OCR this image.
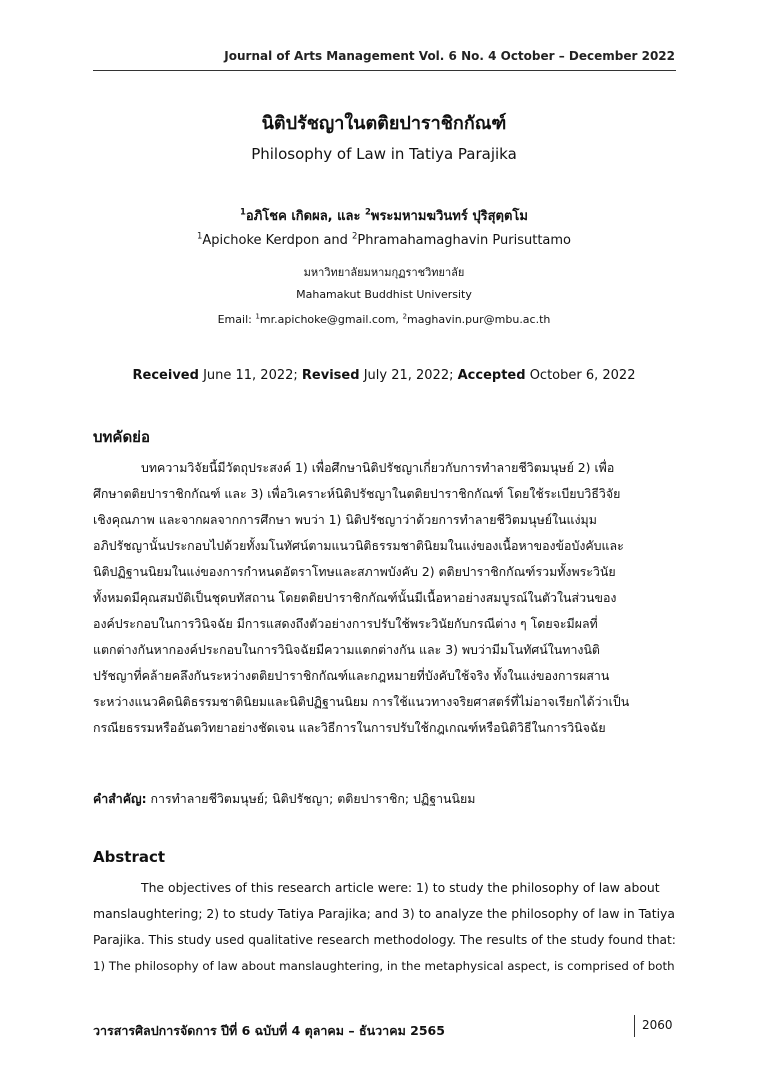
Journal of Arts Management Vol. 6 No. 4 October – December 2022
นิติปรัชญาในตติยปาราชิกกัณฑ์
Philosophy of Law in Tatiya Parajika
$^1$อภิโชค เกิดผล, และ $^2$พระมหามฆวินทร์ ปุริสุตฺตโม
$^1$Apichoke Kerdpon and $^2$Phramahamaghavin Purisuttamo
มหาวิทยาลัยมหามกุฏราชวิทยาลัย
Mahamakut Buddhist University
Email: $^1$mr.apichoke@gmail.com, $^2$maghavin.pur@mbu.ac.th
Received June 11, 2022; Revised July 21, 2022; Accepted October 6, 2022
บทคัดย่อ
บทความวิจัยนี้มีวัตถุประสงค์ 1) เพื่อศึกษานิติปรัชญาเกี่ยวกับการทำลายชีวิตมนุษย์ 2) เพื่อ
ศึกษาตติยปาราชิกกัณฑ์ และ 3) เพื่อวิเคราะห์นิติปรัชญาในตติยปาราชิกกัณฑ์ โดยใช้ระเบียบวิธีวิจัย
เชิงคุณภาพ และจากผลจากการศึกษา พบว่า 1) นิติปรัชญาว่าด้วยการทำลายชีวิตมนุษย์ในแง่มุม
อภิปรัชญานั้นประกอบไปด้วยทั้งมโนทัศน์ตามแนวนิติธรรมชาตินิยมในแง่ของเนื้อหาของข้อบังคับและ
นิติปฏิฐานนิยมในแง่ของการกำหนดอัตราโทษและสภาพบังคับ 2) ตติยปาราชิกกัณฑ์รวมทั้งพระวินัย
ทั้งหมดมีคุณสมบัติเป็นชุดบทัสถาน โดยตติยปาราชิกกัณฑ์นั้นมีเนื้อหาอย่างสมบูรณ์ในตัวในส่วนของ
องค์ประกอบในการวินิจฉัย มีการแสดงถึงตัวอย่างการปรับใช้พระวินัยกับกรณีต่าง ๆ โดยจะมีผลที่
แตกต่างกันหากองค์ประกอบในการวินิจฉัยมีความแตกต่างกัน และ 3) พบว่ามีมโนทัศน์ในทางนิติ
ปรัชญาที่คล้ายคลึงกันระหว่างตติยปาราชิกกัณฑ์และกฎหมายที่บังคับใช้จริง ทั้งในแง่ของการผสาน
ระหว่างแนวคิดนิติธรรมชาตินิยมและนิติปฏิฐานนิยม การใช้แนวทางจริยศาสตร์ที่ไม่อาจเรียกได้ว่าเป็น
กรณียธรรมหรืออันตวิทยาอย่างชัดเจน และวิธีการในการปรับใช้กฎเกณฑ์หรือนิติวิธีในการวินิจฉัย
คำสำคัญ: การทำลายชีวิตมนุษย์; นิติปรัชญา; ตติยปาราชิก; ปฏิฐานนิยม
Abstract
The objectives of this research article were: 1) to study the philosophy of law about
manslaughtering; 2) to study Tatiya Parajika; and 3) to analyze the philosophy of law in Tatiya
Parajika. This study used qualitative research methodology. The results of the study found that:
1) The philosophy of law about manslaughtering, in the metaphysical aspect, is comprised of both
วารสารศิลปการจัดการ ปีที่ 6 ฉบับที่ 4 ตุลาคม – ธันวาคม 2565	2060
